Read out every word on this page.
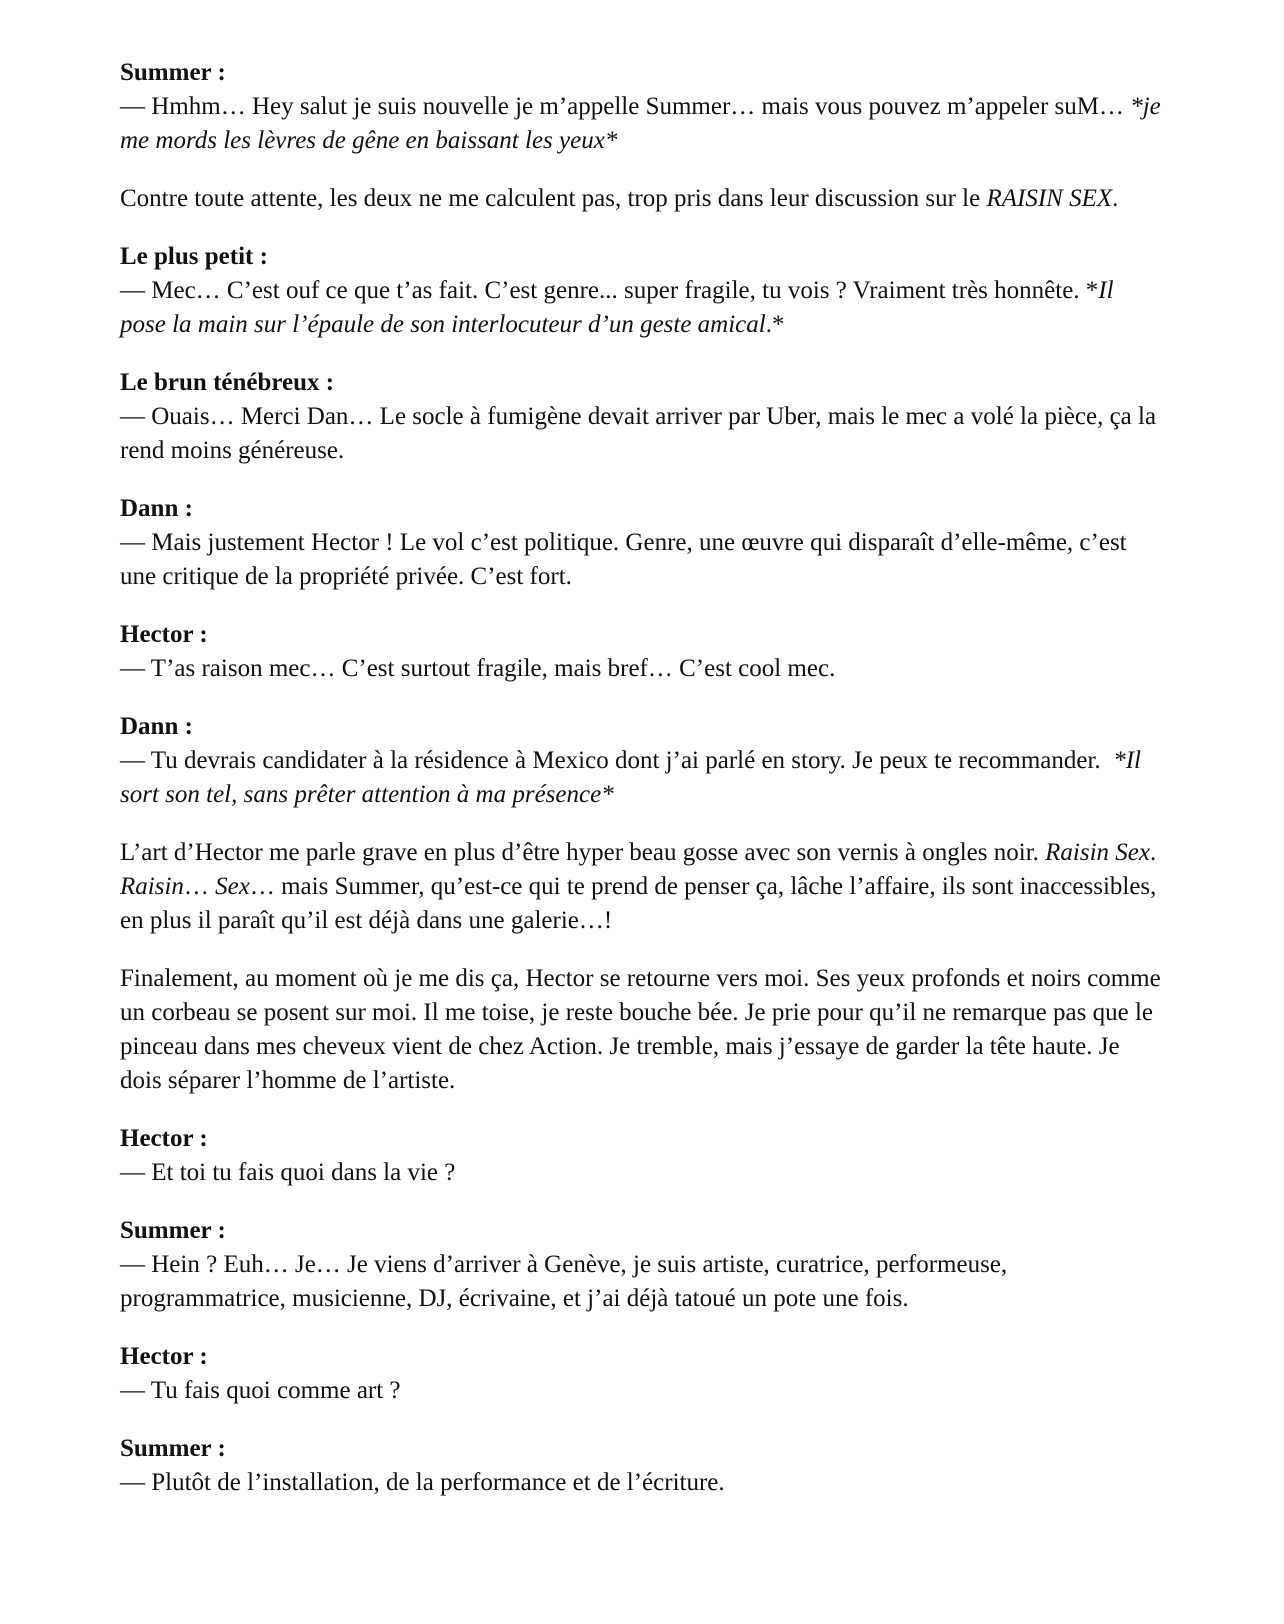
Summer :

— Hmhm… Hey salut je suis nouvelle je m’appelle Summer… mais vous pouvez m’appeler suM… *je me mords les lèvres de gêne en baissant les yeux*

Contre toute attente, les deux ne me calculent pas, trop pris dans leur discussion sur le RAISIN SEX.

Le plus petit :

— Mec… C’est ouf ce que t’as fait. C’est genre... super fragile, tu vois ? Vraiment très honnête. *Il pose la main sur l’épaule de son interlocuteur d’un geste amical.*

Le brun ténébreux :

— Ouais… Merci Dan… Le socle à fumigène devait arriver par Uber, mais le mec a volé la pièce, ça la rend moins généreuse.

Dann :

— Mais justement Hector ! Le vol c’est politique. Genre, une œuvre qui disparaît d’elle-même, c’est une critique de la propriété privée. C’est fort.

Hector :

— T’as raison mec… C’est surtout fragile, mais bref… C’est cool mec.

Dann :

— Tu devrais candidater à la résidence à Mexico dont j’ai parlé en story. Je peux te recommander.  *Il sort son tel, sans prêter attention à ma présence*

L’art d’Hector me parle grave en plus d’être hyper beau gosse avec son vernis à ongles noir. Raisin Sex. Raisin… Sex… mais Summer, qu’est-ce qui te prend de penser ça, lâche l’affaire, ils sont inaccessibles, en plus il paraît qu’il est déjà dans une galerie…!

Finalement, au moment où je me dis ça, Hector se retourne vers moi. Ses yeux profonds et noirs comme un corbeau se posent sur moi. Il me toise, je reste bouche bée. Je prie pour qu’il ne remarque pas que le pinceau dans mes cheveux vient de chez Action. Je tremble, mais j’essaye de garder la tête haute. Je dois séparer l’homme de l’artiste.

Hector :

— Et toi tu fais quoi dans la vie ?

Summer :

— Hein ? Euh… Je… Je viens d’arriver à Genève, je suis artiste, curatrice, performeuse, programmatrice, musicienne, DJ, écrivaine, et j’ai déjà tatoué un pote une fois.

Hector :

— Tu fais quoi comme art ?

Summer :

— Plutôt de l’installation, de la performance et de l’écriture.
